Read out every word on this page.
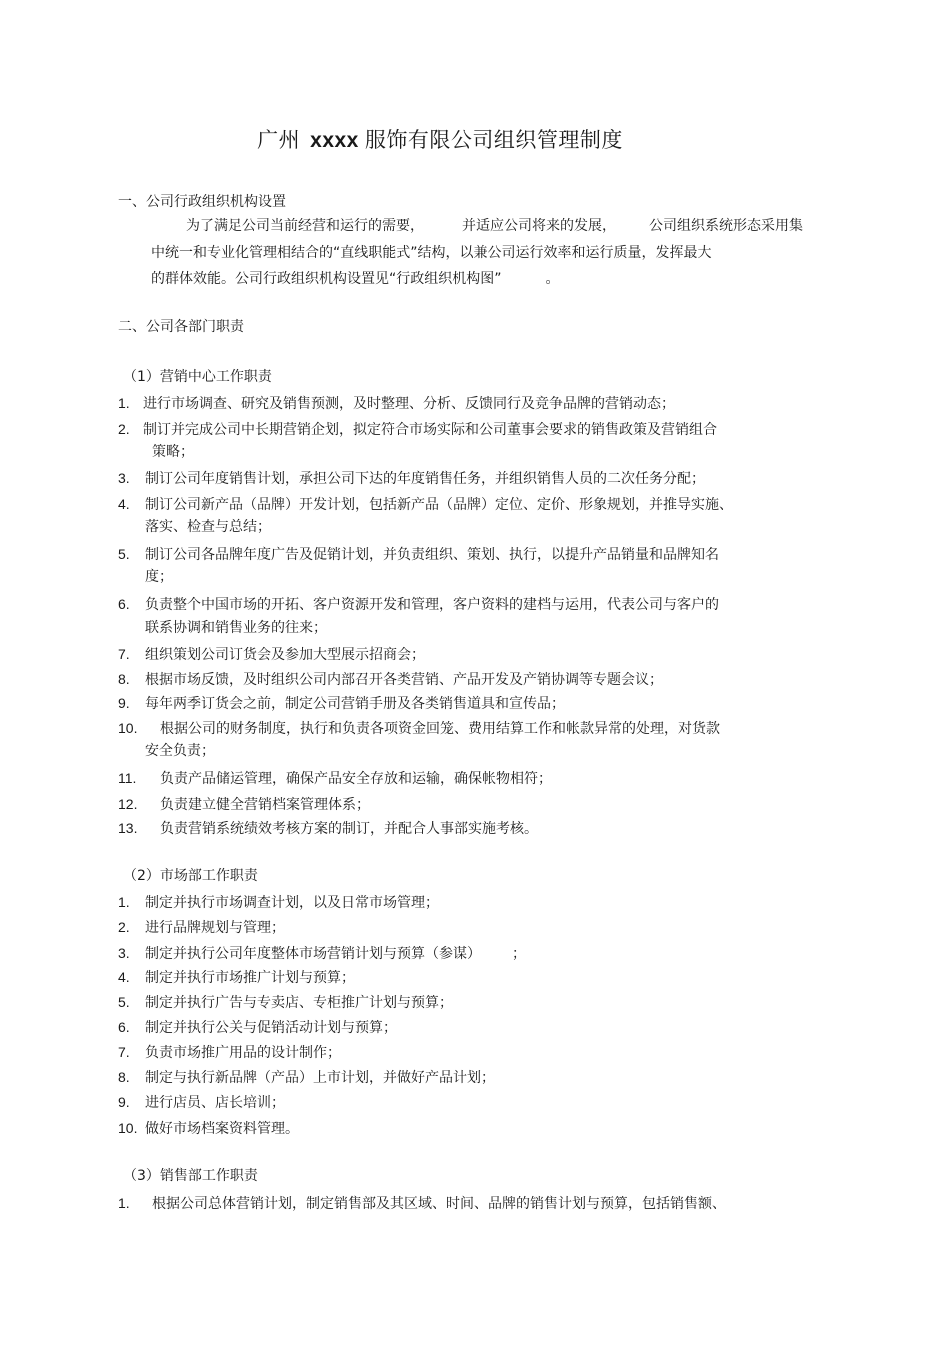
广州 xxxx 服饰有限公司组织管理制度
一、公司行政组织机构设置
为了满足公司当前经营和运行的需要，	并适应公司将来的发展， 公司组织系统形态采用集
中统一和专业化管理相结合的“直线职能式”结构，以兼公司运行效率和运行质量，发挥最大
的群体效能。公司行政组织机构设置见“行政组织机构图”	。
二、公司各部门职责
（1）营销中心工作职责
1. 进行市场调查、研究及销售预测，及时整理、分析、反馈同行及竞争品牌的营销动态；
2. 制订并完成公司中长期营销企划，拟定符合市场实际和公司董事会要求的销售政策及营销组合
策略；
3. 制订公司年度销售计划，承担公司下达的年度销售任务，并组织销售人员的二次任务分配；
4. 制订公司新产品（品牌）开发计划，包括新产品（品牌）定位、定价、形象规划，并推导实施、
落实、检查与总结；
5. 制订公司各品牌年度广告及促销计划，并负责组织、策划、执行，以提升产品销量和品牌知名
度；
6. 负责整个中国市场的开拓、客户资源开发和管理，客户资料的建档与运用，代表公司与客户的
联系协调和销售业务的往来；
7. 组织策划公司订货会及参加大型展示招商会；
8. 根据市场反馈，及时组织公司内部召开各类营销、产品开发及产销协调等专题会议；
9. 每年两季订货会之前，制定公司营销手册及各类销售道具和宣传品；
10. 根据公司的财务制度，执行和负责各项资金回笼、费用结算工作和帐款异常的处理，对货款
安全负责；
11. 负责产品储运管理，确保产品安全存放和运输，确保帐物相符；
12. 负责建立健全营销档案管理体系；
13. 负责营销系统绩效考核方案的制订，并配合人事部实施考核。
（2）市场部工作职责
1. 制定并执行市场调查计划，以及日常市场管理；
2. 进行品牌规划与管理；
3. 制定并执行公司年度整体市场营销计划与预算（参谋）	；
4. 制定并执行市场推广计划与预算；
5. 制定并执行广告与专卖店、专柜推广计划与预算；
6. 制定并执行公关与促销活动计划与预算；
7. 负责市场推广用品的设计制作；
8. 制定与执行新品牌（产品）上市计划，并做好产品计划；
9. 进行店员、店长培训；
10. 做好市场档案资料管理。
（3）销售部工作职责
1. 根据公司总体营销计划，制定销售部及其区域、时间、品牌的销售计划与预算，包括销售额、
